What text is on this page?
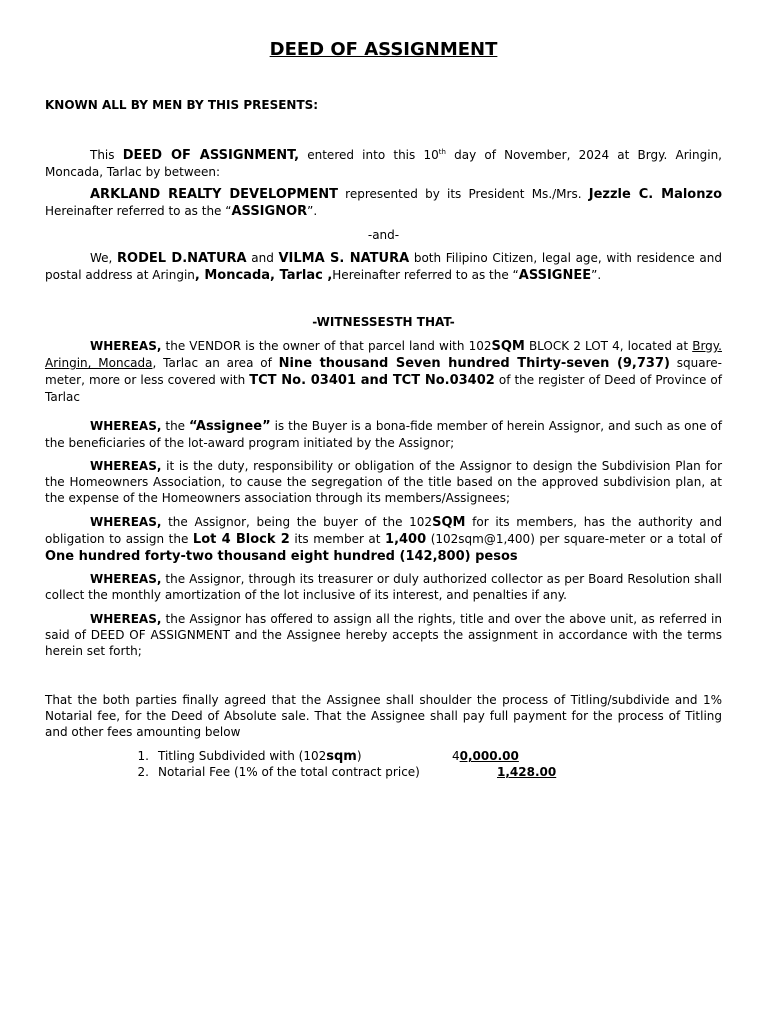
DEED OF ASSIGNMENT
KNOWN ALL BY MEN BY THIS PRESENTS:

This DEED OF ASSIGNMENT, entered into this 10th day of November, 2024 at Brgy. Aringin, Moncada, Tarlac by between:

ARKLAND REALTY DEVELOPMENT represented by its President Ms./Mrs. Jezzle C. Malonzo Hereinafter referred to as the “ASSIGNOR”.

-and-

We, RODEL D.NATURA and VILMA S. NATURA both Filipino Citizen, legal age, with residence and postal address at Aringin, Moncada, Tarlac ,Hereinafter referred to as the “ASSIGNEE”.

-WITNESSESTH THAT-

WHEREAS, the VENDOR is the owner of that parcel land with 102SQM BLOCK 2 LOT 4, located at Brgy. Aringin, Moncada, Tarlac an area of Nine thousand Seven hundred Thirty-seven (9,737) square-meter, more or less covered with TCT No. 03401 and TCT No.03402 of the register of Deed of Province of Tarlac

WHEREAS, the “Assignee” is the Buyer is a bona-fide member of herein Assignor, and such as one of the beneficiaries of the lot-award program initiated by the Assignor;

WHEREAS, it is the duty, responsibility or obligation of the Assignor to design the Subdivision Plan for the Homeowners Association, to cause the segregation of the title based on the approved subdivision plan, at the expense of the Homeowners association through its members/Assignees;

WHEREAS, the Assignor, being the buyer of the 102SQM for its members, has the authority and obligation to assign the Lot 4 Block 2 its member at 1,400 (102sqm@1,400) per square-meter or a total of One hundred forty-two thousand eight hundred (142,800) pesos

WHEREAS, the Assignor, through its treasurer or duly authorized collector as per Board Resolution shall collect the monthly amortization of the lot inclusive of its interest, and penalties if any.

WHEREAS, the Assignor has offered to assign all the rights, title and over the above unit, as referred in said of DEED OF ASSIGNMENT and the Assignee hereby accepts the assignment in accordance with the terms herein set forth;

That the both parties finally agreed that the Assignee shall shoulder the process of Titling/subdivide and 1% Notarial fee, for the Deed of Absolute sale. That the Assignee shall pay full payment for the process of Titling and other fees amounting below

1. Titling Subdivided with (102sqm)	40,000.00
2. Notarial Fee (1% of the total contract price)	1,428.00
